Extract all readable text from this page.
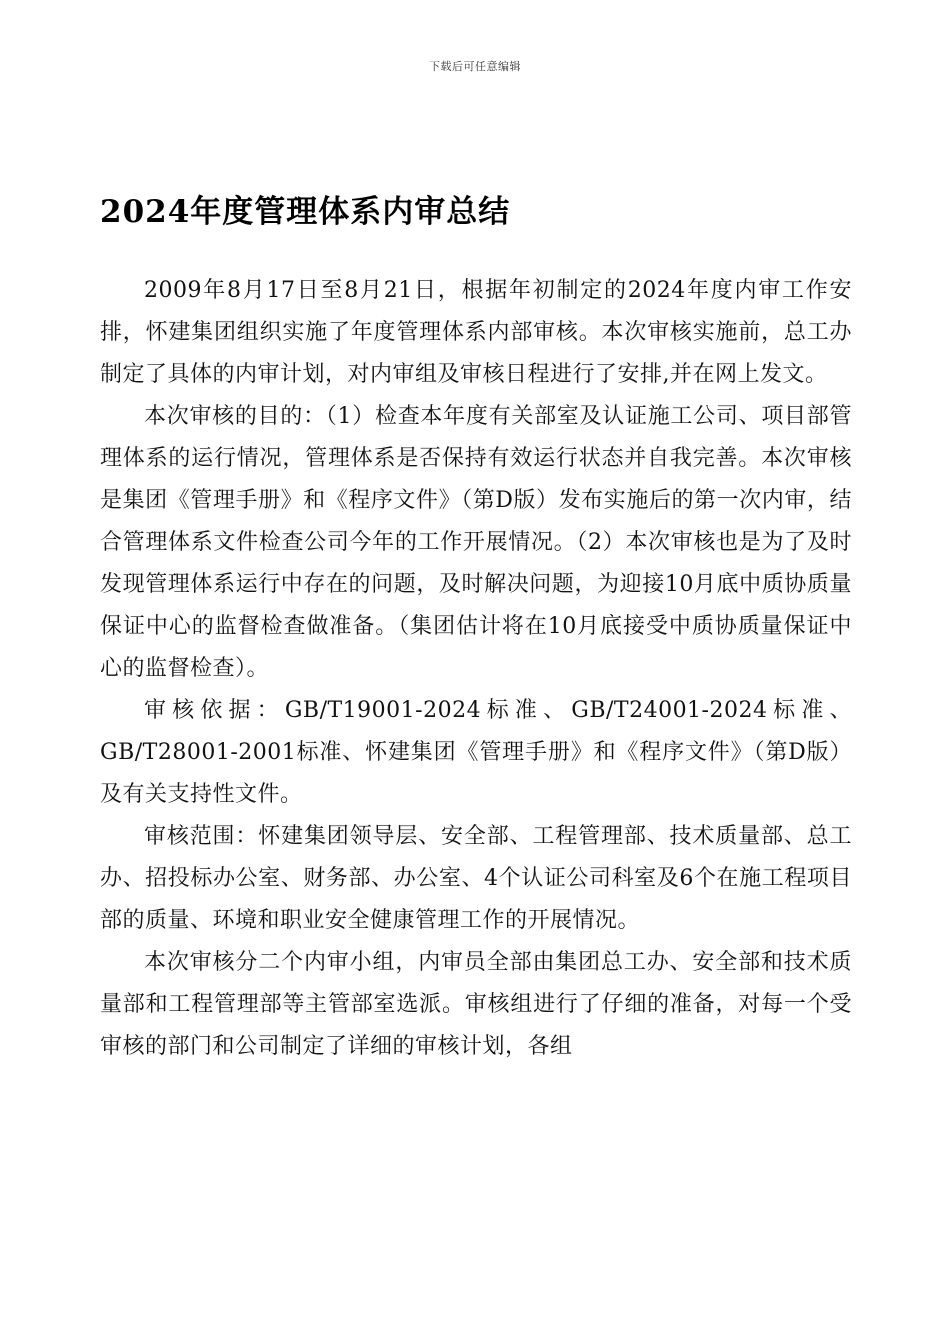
下载后可任意编辑
2024年度管理体系内审总结

2009年8月17日至8月21日，根据年初制定的2024年度内审工作安排，怀建集团组织实施了年度管理体系内部审核。本次审核实施前，总工办制定了具体的内审计划，对内审组及审核日程进行了安排,并在网上发文。

本次审核的目的：（1）检查本年度有关部室及认证施工公司、项目部管理体系的运行情况，管理体系是否保持有效运行状态并自我完善。本次审核是集团《管理手册》和《程序文件》（第D版）发布实施后的第一次内审，结合管理体系文件检查公司今年的工作开展情况。（2）本次审核也是为了及时发现管理体系运行中存在的问题，及时解决问题，为迎接10月底中质协质量保证中心的监督检查做准备。（集团估计将在10月底接受中质协质量保证中心的监督检查）。

审核依据：GB/T19001-2024标准、GB/T24001-2024标准、GB/T28001-2001标准、怀建集团《管理手册》和《程序文件》（第D版）及有关支持性文件。

审核范围：怀建集团领导层、安全部、工程管理部、技术质量部、总工办、招投标办公室、财务部、办公室、4个认证公司科室及6个在施工程项目部的质量、环境和职业安全健康管理工作的开展情况。

本次审核分二个内审小组，内审员全部由集团总工办、安全部和技术质量部和工程管理部等主管部室选派。审核组进行了仔细的准备，对每一个受审核的部门和公司制定了详细的审核计划，各组
